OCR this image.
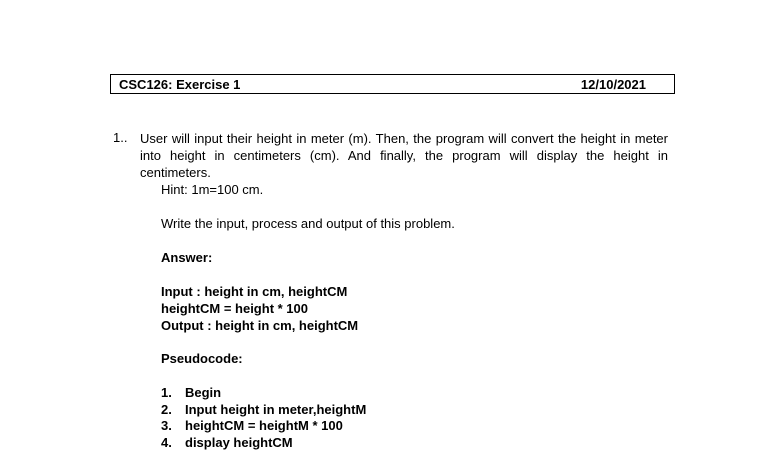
CSC126: Exercise 1	12/10/2021
1.. User will input their height in meter (m). Then, the program will convert the height in meter into height in centimeters (cm). And finally, the program will display the height in centimeters.
Hint: 1m=100 cm.
Write the input, process and output of this problem.
Answer:
Input : height in cm, heightCM
heightCM = height * 100
Output : height in cm, heightCM
Pseudocode:
1.	Begin
2.	Input height in meter,heightM
3.	heightCM = heightM * 100
4.	display heightCM
